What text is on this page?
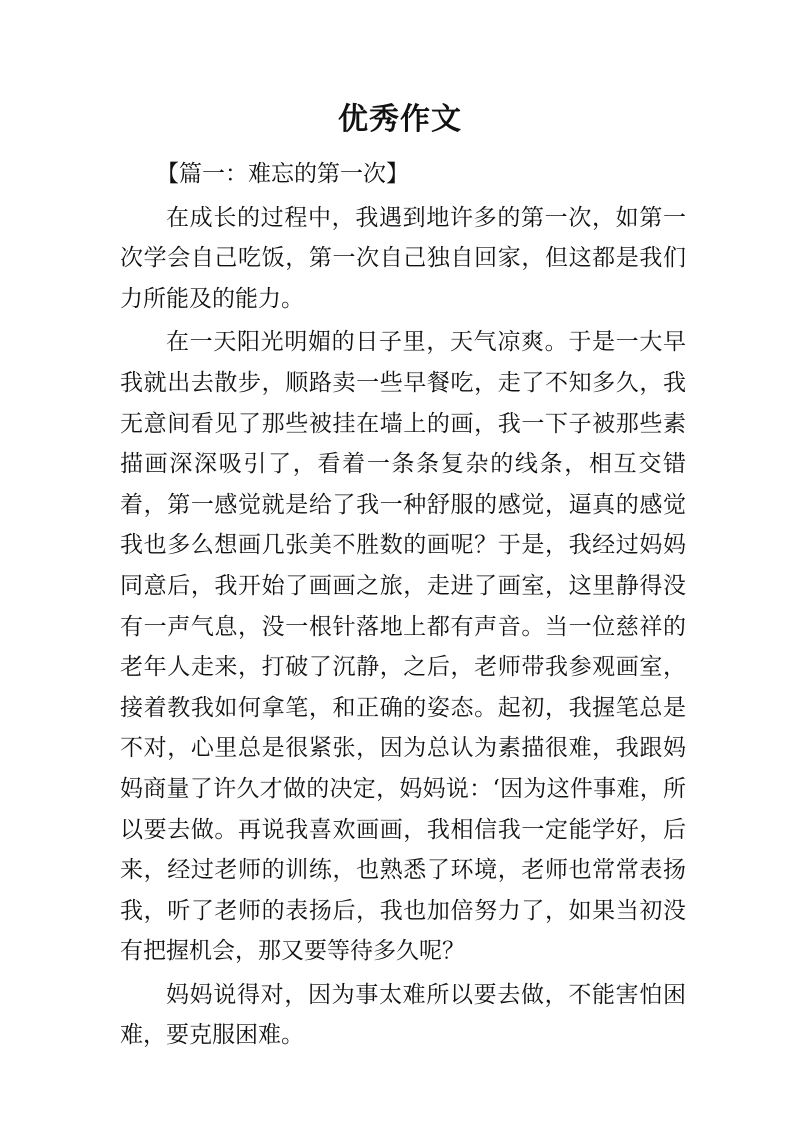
优秀作文

【篇一：难忘的第一次】

在成长的过程中，我遇到地许多的第一次，如第一次学会自己吃饭，第一次自己独自回家，但这都是我们力所能及的能力。

在一天阳光明媚的日子里，天气凉爽。于是一大早我就出去散步，顺路卖一些早餐吃，走了不知多久，我无意间看见了那些被挂在墙上的画，我一下子被那些素描画深深吸引了，看着一条条复杂的线条，相互交错着，第一感觉就是给了我一种舒服的感觉，逼真的感觉我也多么想画几张美不胜数的画呢？于是，我经过妈妈同意后，我开始了画画之旅，走进了画室，这里静得没有一声气息，没一根针落地上都有声音。当一位慈祥的老年人走来，打破了沉静，之后，老师带我参观画室，接着教我如何拿笔，和正确的姿态。起初，我握笔总是不对，心里总是很紧张，因为总认为素描很难，我跟妈妈商量了许久才做的决定，妈妈说：‘因为这件事难，所以要去做。再说我喜欢画画，我相信我一定能学好，后来，经过老师的训练，也熟悉了环境，老师也常常表扬我，听了老师的表扬后，我也加倍努力了，如果当初没有把握机会，那又要等待多久呢？

妈妈说得对，因为事太难所以要去做，不能害怕困难，要克服困难。
